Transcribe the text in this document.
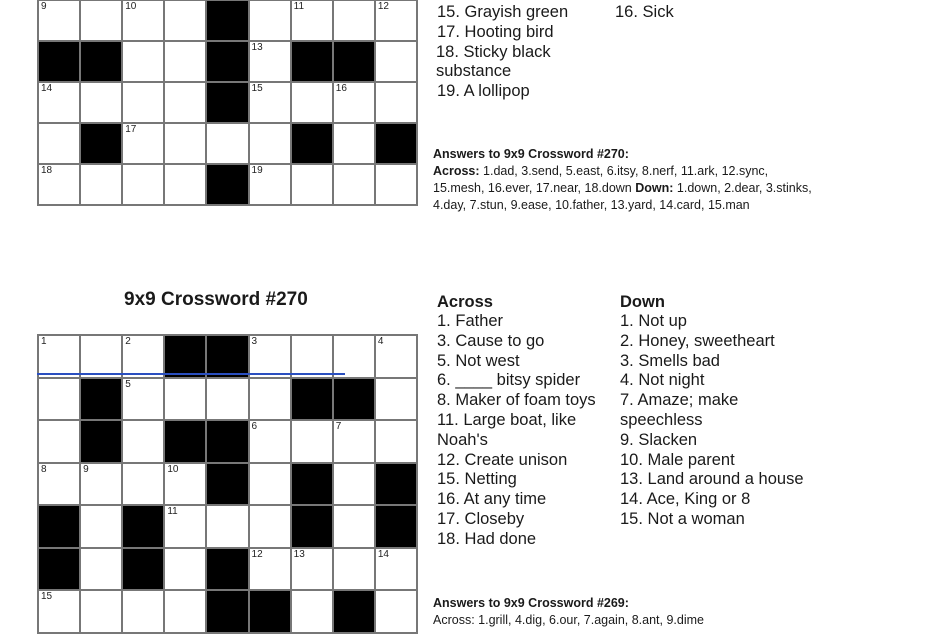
9	10	11	12
13
14	15	16
17
18	19
15. Grayish green
17. Hooting bird
18. Sticky black substance
19. A lollipop
16. Sick
Answers to 9x9 Crossword #270:
Across: 1.dad, 3.send, 5.east, 6.itsy, 8.nerf, 11.ark, 12.sync, 15.mesh, 16.ever, 17.near, 18.down Down: 1.down, 2.dear, 3.stinks, 4.day, 7.stun, 9.ease, 10.father, 13.yard, 14.card, 15.man
9x9 Crossword #270
1	2	3	4
5
6	7
8	9	10
11
12	13	14
15
Across
1. Father
3. Cause to go
5. Not west
6. ____ bitsy spider
8. Maker of foam toys
11. Large boat, like Noah's
12. Create unison
15. Netting
16. At any time
17. Closeby
18. Had done
Down
1. Not up
2. Honey, sweetheart
3. Smells bad
4. Not night
7. Amaze; make speechless
9. Slacken
10. Male parent
13. Land around a house
14. Ace, King or 8
15. Not a woman
Answers to 9x9 Crossword #269:
Across: 1.grill, 4.dig, 6.our, 7.again, 8.ant, 9.dime
